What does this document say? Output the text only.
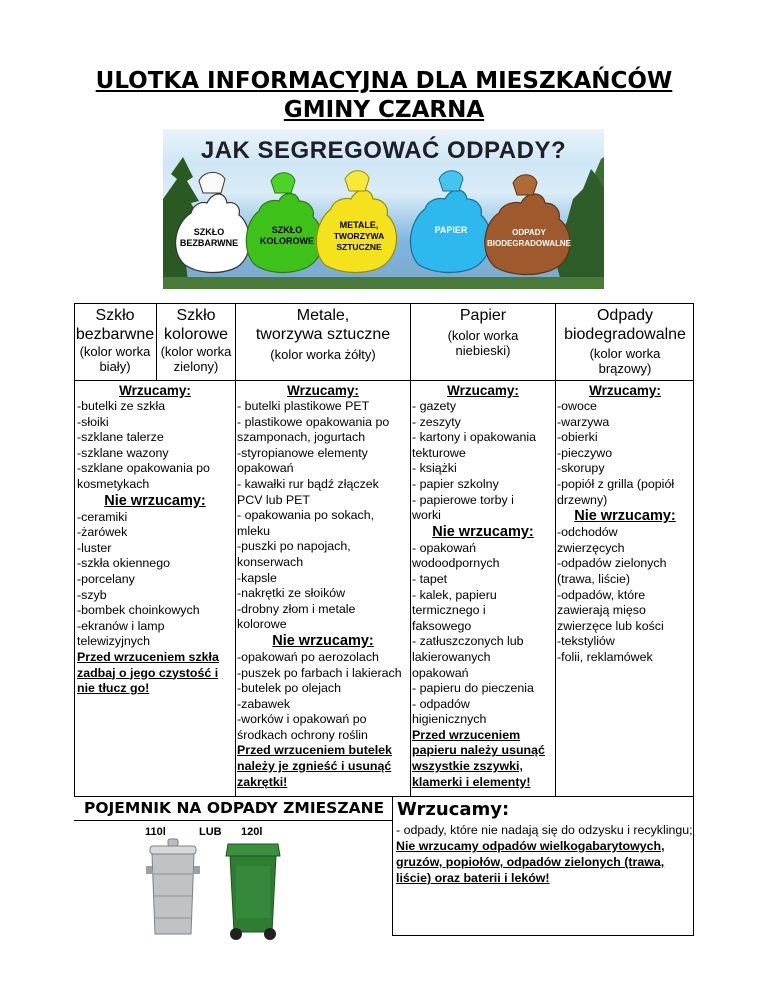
ULOTKA INFORMACYJNA DLA MIESZKAŃCÓW
GMINY CZARNA
JAK SEGREGOWAĆ ODPADY?
SZKŁO
BEZBARWNE
SZKŁO
KOLOROWE
METALE,
TWORZYWA
SZTUCZNE
PAPIER	ODPADY
BIODEGRADOWALNE
Szkło
bezbarwne
(kolor worka
biały)
Szkło
kolorowe
(kolor worka
zielony)
Metale,
tworzywa sztuczne
(kolor worka żółty)
Papier
(kolor worka
niebieski)
Odpady
biodegradowalne
(kolor worka
brązowy)
Wrzucamy:
-butelki ze szkła
-słoiki
-szklane talerze
-szklane wazony
-szklane opakowania po
kosmetykach
Nie wrzucamy:
-ceramiki
-żarówek
-luster
-szkła okiennego
-porcelany
-szyb
-bombek choinkowych
-ekranów i lamp
telewizyjnych
Przed wrzuceniem szkła
zadbaj o jego czystość i
nie tłucz go!
Wrzucamy:
- butelki plastikowe PET
- plastikowe opakowania po
szamponach, jogurtach
-styropianowe elementy
opakowań
- kawałki rur bądź złączek
PCV lub PET
- opakowania po sokach,
mleku
-puszki po napojach,
konserwach
-kapsle
-nakrętki ze słoików
-drobny złom i metale
kolorowe
Nie wrzucamy:
-opakowań po aerozolach
-puszek po farbach i lakierach
-butelek po olejach
-zabawek
-worków i opakowań po
środkach ochrony roślin
Przed wrzuceniem butelek
należy je zgnieść i usunąć
zakrętki!
Wrzucamy:
- gazety
- zeszyty
- kartony i opakowania
tekturowe
- książki
- papier szkolny
- papierowe torby i
worki
Nie wrzucamy:
- opakowań
wodoodpornych
- tapet
- kalek, papieru
termicznego i
faksowego
- zatłuszczonych lub
lakierowanych
opakowań
- papieru do pieczenia
- odpadów
higienicznych
Przed wrzuceniem
papieru należy usunąć
wszystkie zszywki,
klamerki i elementy!
Wrzucamy:
-owoce
-warzywa
-obierki
-pieczywo
-skorupy
-popiół z grilla (popiół
drzewny)
Nie wrzucamy:
-odchodów
zwierzęcych
-odpadów zielonych
(trawa, liście)
-odpadów, które
zawierają mięso
zwierzęce lub kości
-tekstyliów
-folii, reklamówek
POJEMNIK NA ODPADY ZMIESZANE
110l	LUB 120l
Wrzucamy:
- odpady, które nie nadają się do odzysku i recyklingu;
Nie wrzucamy odpadów wielkogabarytowych, gruzów, popiołów, odpadów zielonych (trawa, liście) oraz baterii i leków!
